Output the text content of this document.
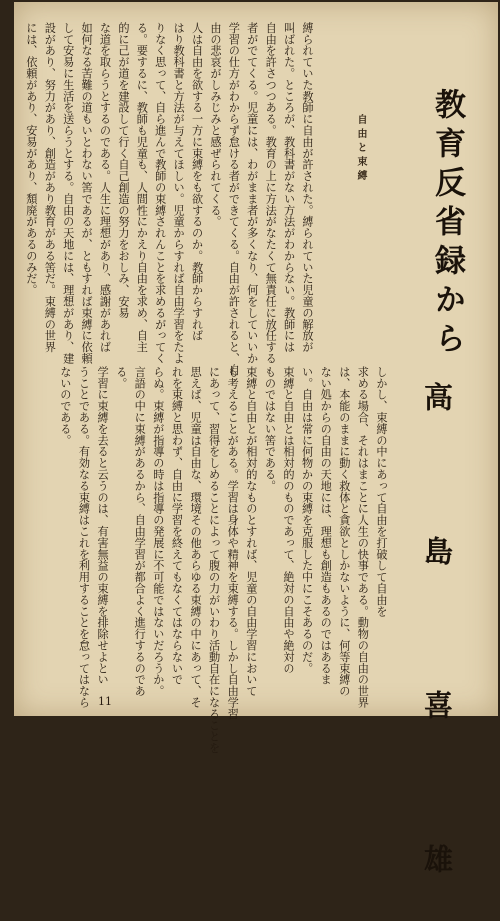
縛られていた教師に自由が許された。縛られていた児童の解放が
叫ばれた。ところが、教科書がない方法がわからない。教師には
自由を許さつつある。教育の上に方法がなたくて無責任に放任する
者がでてくる。児童には、わがまま者が多くなり、何をしていいか
学習の仕方がわからず怠ける者ができてくる。自由が許されると、自
由の悲哀がしみじみと感ぜられてくる。
人は自由を欲する一方に束縛をも欲するのか。教師からすれば
はり教科書と方法が与えてほしい。児童からすれば自由学習をたよ
りなく思って、自ら進んで教師の束縛されんことを求めるがってく
る。要するに、教師も児童も、人間性にかえり自由を求め、自主
的に己が道を建設して行く自己創造の努力をおしみ、安易
な道を取らうとするのである。人生に理想があり、感謝があれば
如何なる苦難の道もいとわない筈であるが、ともすれば束縛に依頼
して安易に生活を送らうとする。自由の天地には、理想があり、建
設があり、努力があり、創造があり教育がある筈だ。束縛の世界
には、依頼があり、安易があり、頽廃があるのみだ。	自由と束縛 教育反省録から
しかし、束縛の中にあって自由を打破して自由を
求める場合、それはまことに人生の快事である。動物の自由の世界
は、本能のままに動く救体と貪欲としかないように、何等束縛の
ない処からの自由の天地には、理想も創造もあるのではあるま
い。自由は常に何物かの束縛を克服した中にこそあるのだ。
束縛と自由とは相対的のものであって、絶対の自由や絶対の
ものではない筈である。
束縛と自由とが相対的なものとすれば、児童の自由学習において
も考えることがある。学習は身体や精神を束縛する。しかし自由学習
にあって、習得をしめることによって腹の力がいわり活動自在になることを
思えば、児童は自由な、環境その他あらゆる束縛の中にあって、そ
れを束縛と思わず、自由に学習を終えてもなくてはならないで
らぬ。束縛が指導の時は指導の発展に不可能ではないだろうか。
言語の中に束縛があるから、自由学習が都合よく進行するのであ
る。
学習に束縛を去ると云うのは、有害無益の束縛を排除せよとい
うことである。有効なる束縛はこれを利用することを怠ってはなら
ないのである。	高　島　喜　雄
11
